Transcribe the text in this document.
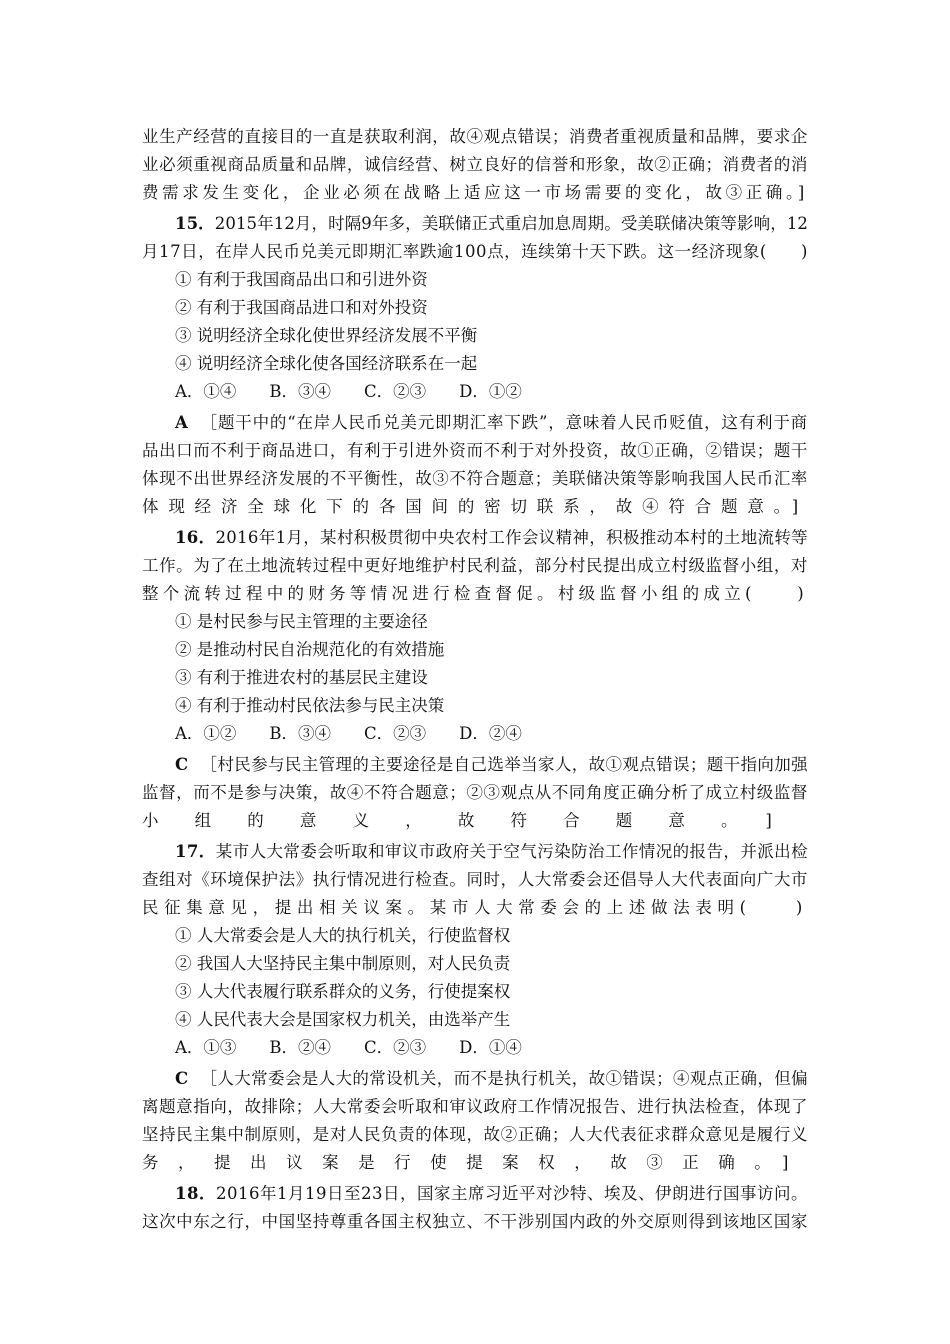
业生产经营的直接目的一直是获取利润，故④观点错误；消费者重视质量和品牌，要求企
业必须重视商品质量和品牌，诚信经营、树立良好的信誉和形象，故②正确；消费者的消
费需求发生变化，企业必须在战略上适应这一市场需要的变化，故③正确。]
15．2015年12月，时隔9年多，美联储正式重启加息周期。受美联储决策等影响，12
月17日，在岸人民币兑美元即期汇率跌逾100点，连续第十天下跌。这一经济现象(　　)
① 有利于我国商品出口和引进外资
② 有利于我国商品进口和对外投资
③ 说明经济全球化使世界经济发展不平衡
④ 说明经济全球化使各国经济联系在一起
A．①④　　B．③④　　C．②③　　D．①②
A ［题干中的“在岸人民币兑美元即期汇率下跌”，意味着人民币贬值，这有利于商
品出口而不利于商品进口，有利于引进外资而不利于对外投资，故①正确，②错误；题干
体现不出世界经济发展的不平衡性，故③不符合题意；美联储决策等影响我国人民币汇率
体现经济全球化下的各国间的密切联系，故④符合题意。]
16．2016年1月，某村积极贯彻中央农村工作会议精神，积极推动本村的土地流转等
工作。为了在土地流转过程中更好地维护村民利益，部分村民提出成立村级监督小组，对
整个流转过程中的财务等情况进行检查督促。村级监督小组的成立(　　)
① 是村民参与民主管理的主要途径
② 是推动村民自治规范化的有效措施
③ 有利于推进农村的基层民主建设
④ 有利于推动村民依法参与民主决策
A．①②　　B．③④　　C．②③　　D．②④
C ［村民参与民主管理的主要途径是自己选举当家人，故①观点错误；题干指向加强
监督，而不是参与决策，故④不符合题意；②③观点从不同角度正确分析了成立村级监督
小组的意义，故符合题意。]
17．某市人大常委会听取和审议市政府关于空气污染防治工作情况的报告，并派出检
查组对《环境保护法》执行情况进行检查。同时，人大常委会还倡导人大代表面向广大市
民征集意见，提出相关议案。某市人大常委会的上述做法表明(　　)
① 人大常委会是人大的执行机关，行使监督权
② 我国人大坚持民主集中制原则，对人民负责
③ 人大代表履行联系群众的义务，行使提案权
④ 人民代表大会是国家权力机关，由选举产生
A．①③　　B．②④　　C．②③　　D．①④
C ［人大常委会是人大的常设机关，而不是执行机关，故①错误；④观点正确，但偏
离题意指向，故排除；人大常委会听取和审议政府工作情况报告、进行执法检查，体现了
坚持民主集中制原则，是对人民负责的体现，故②正确；人大代表征求群众意见是履行义
务，提出议案是行使提案权，故③正确。]
18．2016年1月19日至23日，国家主席习近平对沙特、埃及、伊朗进行国事访问。
这次中东之行，中国坚持尊重各国主权独立、不干涉别国内政的外交原则得到该地区国家
